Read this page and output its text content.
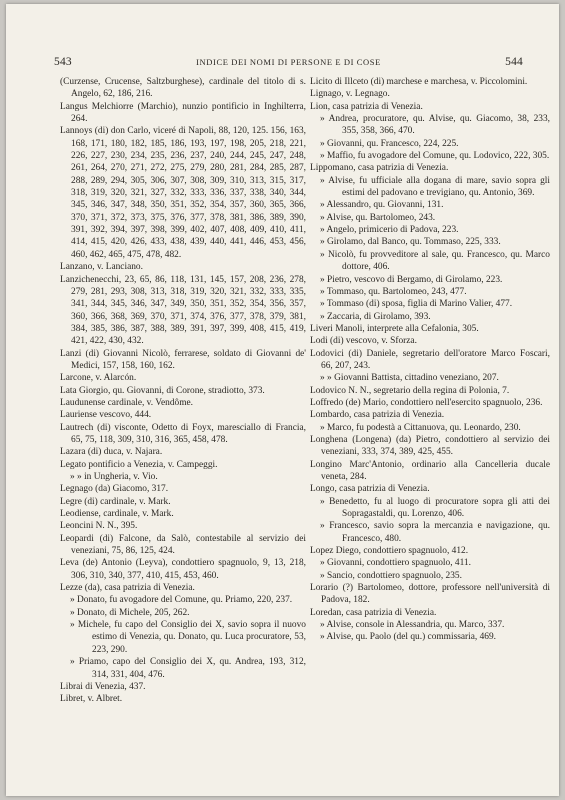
543	INDICE DEI NOMI DI PERSONE E DI COSE	544

(Curzense, Crucense, Saltzburghese), cardinale del titolo di s. Angelo, 62, 186, 216.

Langus Melchiorre (Marchio), nunzio pontificio in Inghilterra, 264.

Lannoys (di) don Carlo, viceré di Napoli, 88, 120, 125. 156, 163, 168, 171, 180, 182, 185, 186, 193, 197, 198, 205, 218, 221, 226, 227, 230, 234, 235, 236, 237, 240, 244, 245, 247, 248, 261, 264, 270, 271, 272, 275, 279, 280, 281, 284, 285, 287, 288, 289, 294, 305, 306, 307, 308, 309, 310, 313, 315, 317, 318, 319, 320, 321, 327, 332, 333, 336, 337, 338, 340, 344, 345, 346, 347, 348, 350, 351, 352, 354, 357, 360, 365, 366, 370, 371, 372, 373, 375, 376, 377, 378, 381, 386, 389, 390, 391, 392, 394, 397, 398, 399, 402, 407, 408, 409, 410, 411, 414, 415, 420, 426, 433, 438, 439, 440, 441, 446, 453, 456, 460, 462, 465, 475, 478, 482.

Lanzano, v. Lanciano.

Lanzichenecchi, 23, 65, 86, 118, 131, 145, 157, 208, 236, 278, 279, 281, 293, 308, 313, 318, 319, 320, 321, 332, 333, 335, 341, 344, 345, 346, 347, 349, 350, 351, 352, 354, 356, 357, 360, 366, 368, 369, 370, 371, 374, 376, 377, 378, 379, 381, 384, 385, 386, 387, 388, 389, 391, 397, 399, 408, 415, 419, 421, 422, 430, 432.

Lanzi (di) Giovanni Nicolò, ferrarese, soldato di Giovanni de' Medici, 157, 158, 160, 162.

Larcone, v. Alarcón.

Lata Giorgio, qu. Giovanni, di Corone, stradiotto, 373.

Laudunense cardinale, v. Vendôme.

Lauriense vescovo, 444.

Lautrech (di) visconte, Odetto di Foyx, maresciallo di Francia, 65, 75, 118, 309, 310, 316, 365, 458, 478.

Lazara (di) duca, v. Najara.

Legato pontificio a Venezia, v. Campeggi.

» » in Ungheria, v. Vio.

Legnago (da) Giacomo, 317.

Legre (di) cardinale, v. Mark.

Leodiense, cardinale, v. Mark.

Leoncini N. N., 395.

Leopardi (di) Falcone, da Salò, contestabile al servizio dei veneziani, 75, 86, 125, 424.

Leva (de) Antonio (Leyva), condottiero spagnuolo, 9, 13, 218, 306, 310, 340, 377, 410, 415, 453, 460.

Lezze (da), casa patrizia di Venezia.

» Donato, fu avogadore del Comune, qu. Priamo, 220, 237.

» Donato, di Michele, 205, 262.

» Michele, fu capo del Consiglio dei X, savio sopra il nuovo estimo di Venezia, qu. Donato, qu. Luca procuratore, 53, 223, 290.

» Priamo, capo del Consiglio dei X, qu. Andrea, 193, 312, 314, 331, 404, 476.

Librai di Venezia, 437.

Libret, v. Albret.

Licito di Illceto (di) marchese e marchesa, v. Piccolomini.

Lignago, v. Legnago.

Lion, casa patrizia di Venezia.

» Andrea, procuratore, qu. Alvise, qu. Giacomo, 38, 233, 355, 358, 366, 470.

» Giovanni, qu. Francesco, 224, 225.

» Maffio, fu avogadore del Comune, qu. Lodovico, 222, 305.

Lippomano, casa patrizia di Venezia.

» Alvise, fu ufficiale alla dogana di mare, savio sopra gli estimi del padovano e trevigiano, qu. Antonio, 369.

» Alessandro, qu. Giovanni, 131.

» Alvise, qu. Bartolomeo, 243.

» Angelo, primicerio di Padova, 223.

» Girolamo, dal Banco, qu. Tommaso, 225, 333.

» Nicolò, fu provveditore al sale, qu. Francesco, qu. Marco dottore, 406.

» Pietro, vescovo di Bergamo, di Girolamo, 223.

» Tommaso, qu. Bartolomeo, 243, 477.

» Tommaso (di) sposa, figlia di Marino Valier, 477.

» Zaccaria, di Girolamo, 393.

Liveri Manoli, interprete alla Cefalonia, 305.

Lodi (di) vescovo, v. Sforza.

Lodovici (di) Daniele, segretario dell'oratore Marco Foscari, 66, 207, 243.

» » Giovanni Battista, cittadino veneziano, 207.

Lodovico N. N., segretario della regina di Polonia, 7.

Loffredo (de) Mario, condottiero nell'esercito spagnuolo, 236.

Lombardo, casa patrizia di Venezia.

» Marco, fu podestà a Cittanuova, qu. Leonardo, 230.

Longhena (Longena) (da) Pietro, condottiero al servizio dei veneziani, 333, 374, 389, 425, 455.

Longino Marc'Antonio, ordinario alla Cancelleria ducale veneta, 284.

Longo, casa patrizia di Venezia.

» Benedetto, fu al luogo di procuratore sopra gli atti dei Sopragastaldi, qu. Lorenzo, 406.

» Francesco, savio sopra la mercanzia e navigazione, qu. Francesco, 480.

Lopez Diego, condottiero spagnuolo, 412.

» Giovanni, condottiero spagnuolo, 411.

» Sancio, condottiero spagnuolo, 235.

Lorario (?) Bartolomeo, dottore, professore nell'università di Padova, 182.

Loredan, casa patrizia di Venezia.

» Alvise, console in Alessandria, qu. Marco, 337.

» Alvise, qu. Paolo (del qu.) commissaria, 469.
